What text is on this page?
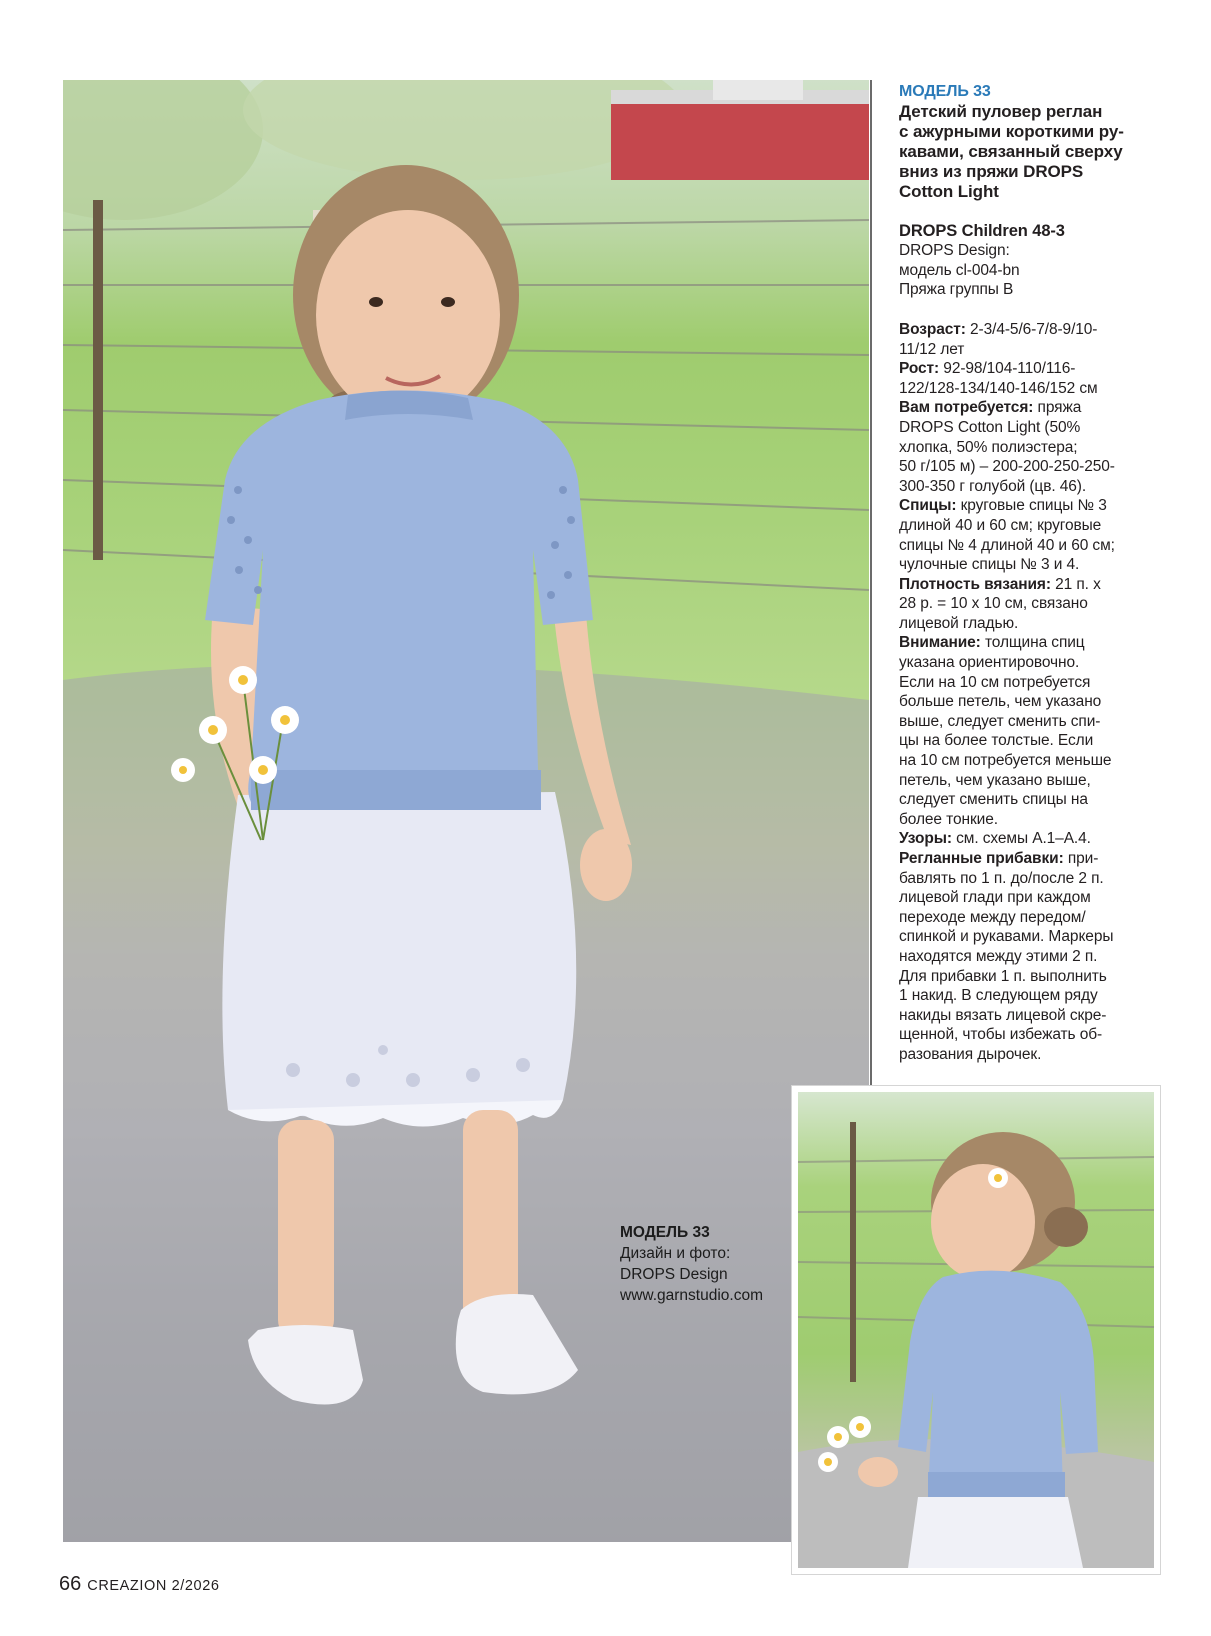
МОДЕЛЬ 33
Дизайн и фото:
DROPS Design
www.garnstudio.com
МОДЕЛЬ 33
Детский пуловер реглан
с ажурными короткими ру-
кавами, связанный сверху
вниз из пряжи DROPS
Cotton Light
DROPS Children 48-3
DROPS Design:
модель cl-004-bn
Пряжа группы B
Возраст: 2-3/4-5/6-7/8-9/10-
11/12 лет
Рост: 92-98/104-110/116-
122/128-134/140-146/152 см
Вам потребуется: пряжа
DROPS Cotton Light (50%
хлопка, 50% полиэстера;
50 г/105 м) – 200-200-250-250-
300-350 г голубой (цв. 46).
Спицы: круговые спицы № 3
длиной 40 и 60 см; круговые
спицы № 4 длиной 40 и 60 см;
чулочные спицы № 3 и 4.
Плотность вязания: 21 п. x
28 р. = 10 x 10 см, связано
лицевой гладью.
Внимание: толщина спиц
указана ориентировочно.
Если на 10 см потребуется
больше петель, чем указано
выше, следует сменить спи-
цы на более толстые. Если
на 10 см потребуется меньше
петель, чем указано выше,
следует сменить спицы на
более тонкие.
Узоры: см. схемы A.1–A.4.
Регланные прибавки: при-
бавлять по 1 п. до/после 2 п.
лицевой глади при каждом
переходе между передом/
спинкой и рукавами. Маркеры
находятся между этими 2 п.
Для прибавки 1 п. выполнить
1 накид. В следующем ряду
накиды вязать лицевой скре-
щенной, чтобы избежать об-
разования дырочек.
66 CREAZION 2/2026
